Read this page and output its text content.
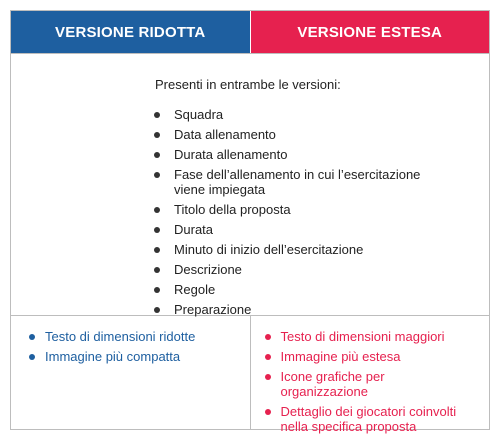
VERSIONE RIDOTTA	VERSIONE ESTESA
Presenti in entrambe le versioni:
Squadra
Data allenamento
Durata allenamento
Fase dell’allenamento in cui l’esercitazione viene impiegata
Titolo della proposta
Durata
Minuto di inizio dell’esercitazione
Descrizione
Regole
Preparazione
Testo di dimensioni ridotte
Immagine più compatta
Testo di dimensioni maggiori
Immagine più estesa
Icone grafiche per organizzazione
Dettaglio dei giocatori coinvolti nella specifica proposta
